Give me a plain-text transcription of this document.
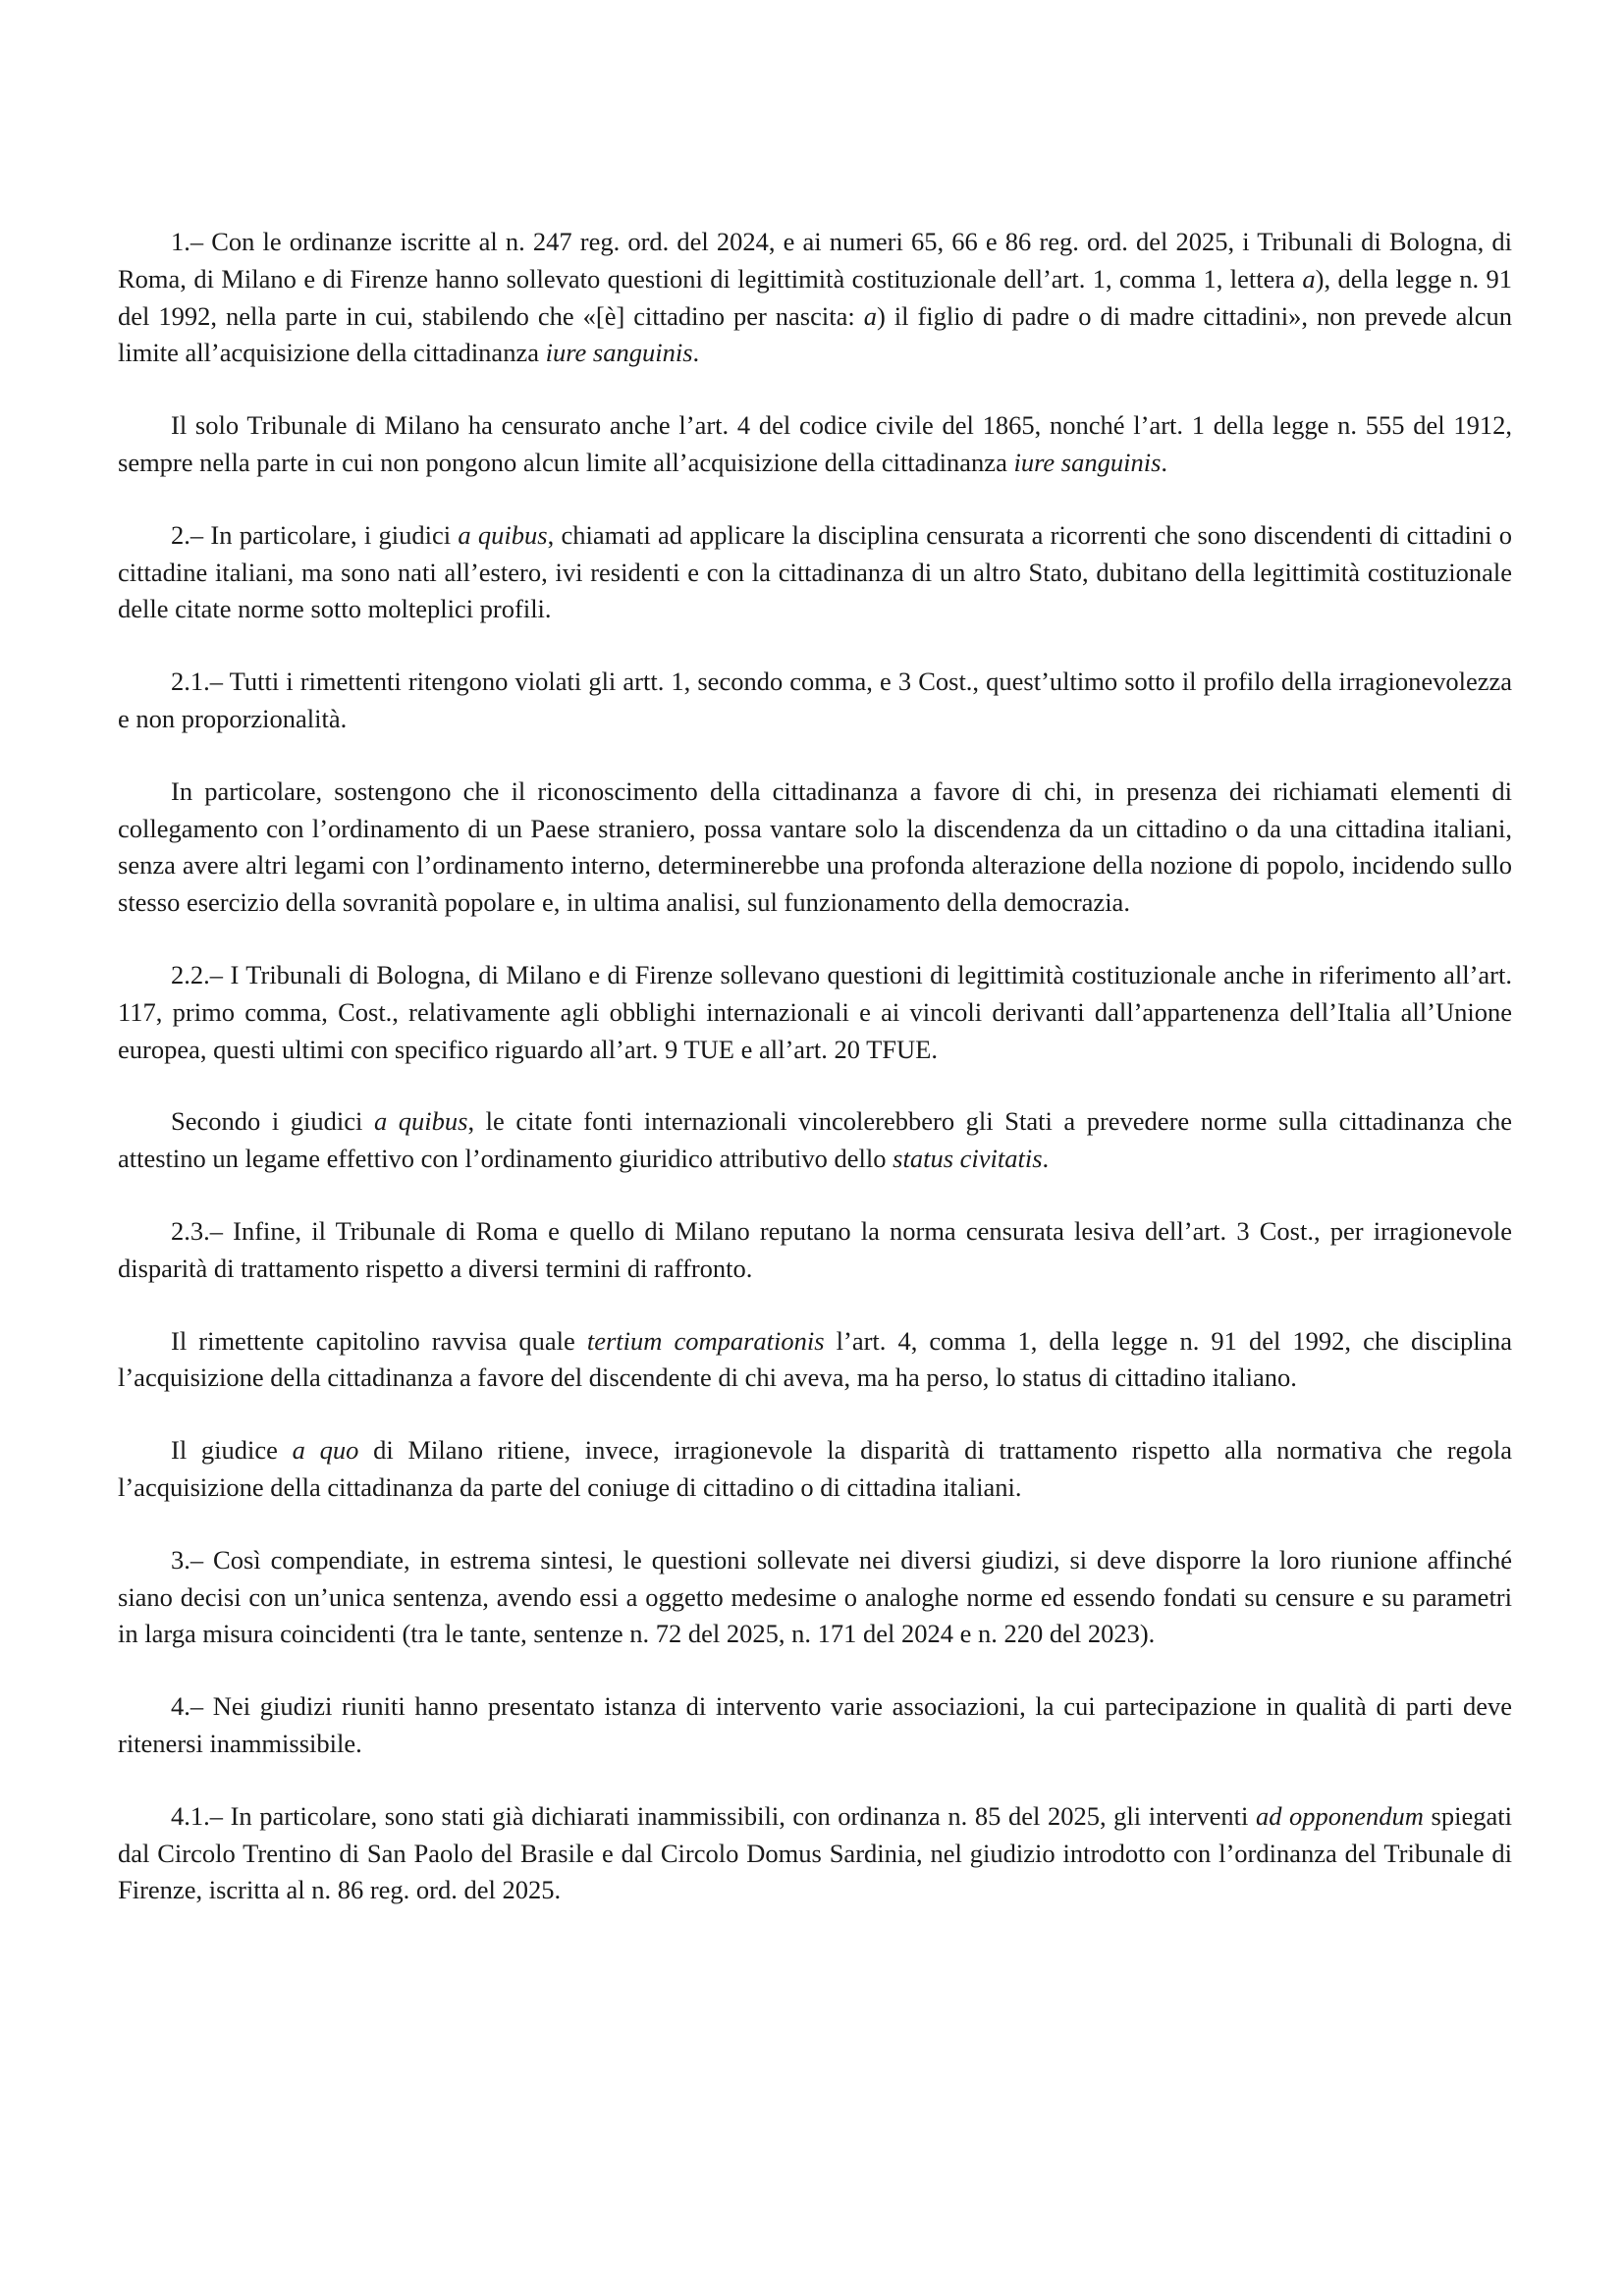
1.– Con le ordinanze iscritte al n. 247 reg. ord. del 2024, e ai numeri 65, 66 e 86 reg. ord. del 2025, i Tribunali di Bologna, di Roma, di Milano e di Firenze hanno sollevato questioni di legittimità costituzionale dell’art. 1, comma 1, lettera a), della legge n. 91 del 1992, nella parte in cui, stabilendo che «[è] cittadino per nascita: a) il figlio di padre o di madre cittadini», non prevede alcun limite all’acquisizione della cittadinanza iure sanguinis.

Il solo Tribunale di Milano ha censurato anche l’art. 4 del codice civile del 1865, nonché l’art. 1 della legge n. 555 del 1912, sempre nella parte in cui non pongono alcun limite all’acquisizione della cittadinanza iure sanguinis.

2.– In particolare, i giudici a quibus, chiamati ad applicare la disciplina censurata a ricorrenti che sono discendenti di cittadini o cittadine italiani, ma sono nati all’estero, ivi residenti e con la cittadinanza di un altro Stato, dubitano della legittimità costituzionale delle citate norme sotto molteplici profili.

2.1.– Tutti i rimettenti ritengono violati gli artt. 1, secondo comma, e 3 Cost., quest’ultimo sotto il profilo della irragionevolezza e non proporzionalità.

In particolare, sostengono che il riconoscimento della cittadinanza a favore di chi, in presenza dei richiamati elementi di collegamento con l’ordinamento di un Paese straniero, possa vantare solo la discendenza da un cittadino o da una cittadina italiani, senza avere altri legami con l’ordinamento interno, determinerebbe una profonda alterazione della nozione di popolo, incidendo sullo stesso esercizio della sovranità popolare e, in ultima analisi, sul funzionamento della democrazia.

2.2.– I Tribunali di Bologna, di Milano e di Firenze sollevano questioni di legittimità costituzionale anche in riferimento all’art. 117, primo comma, Cost., relativamente agli obblighi internazionali e ai vincoli derivanti dall’appartenenza dell’Italia all’Unione europea, questi ultimi con specifico riguardo all’art. 9 TUE e all’art. 20 TFUE.

Secondo i giudici a quibus, le citate fonti internazionali vincolerebbero gli Stati a prevedere norme sulla cittadinanza che attestino un legame effettivo con l’ordinamento giuridico attributivo dello status civitatis.

2.3.– Infine, il Tribunale di Roma e quello di Milano reputano la norma censurata lesiva dell’art. 3 Cost., per irragionevole disparità di trattamento rispetto a diversi termini di raffronto.

Il rimettente capitolino ravvisa quale tertium comparationis l’art. 4, comma 1, della legge n. 91 del 1992, che disciplina l’acquisizione della cittadinanza a favore del discendente di chi aveva, ma ha perso, lo status di cittadino italiano.

Il giudice a quo di Milano ritiene, invece, irragionevole la disparità di trattamento rispetto alla normativa che regola l’acquisizione della cittadinanza da parte del coniuge di cittadino o di cittadina italiani.

3.– Così compendiate, in estrema sintesi, le questioni sollevate nei diversi giudizi, si deve disporre la loro riunione affinché siano decisi con un’unica sentenza, avendo essi a oggetto medesime o analoghe norme ed essendo fondati su censure e su parametri in larga misura coincidenti (tra le tante, sentenze n. 72 del 2025, n. 171 del 2024 e n. 220 del 2023).

4.– Nei giudizi riuniti hanno presentato istanza di intervento varie associazioni, la cui partecipazione in qualità di parti deve ritenersi inammissibile.

4.1.– In particolare, sono stati già dichiarati inammissibili, con ordinanza n. 85 del 2025, gli interventi ad opponendum spiegati dal Circolo Trentino di San Paolo del Brasile e dal Circolo Domus Sardinia, nel giudizio introdotto con l’ordinanza del Tribunale di Firenze, iscritta al n. 86 reg. ord. del 2025.
